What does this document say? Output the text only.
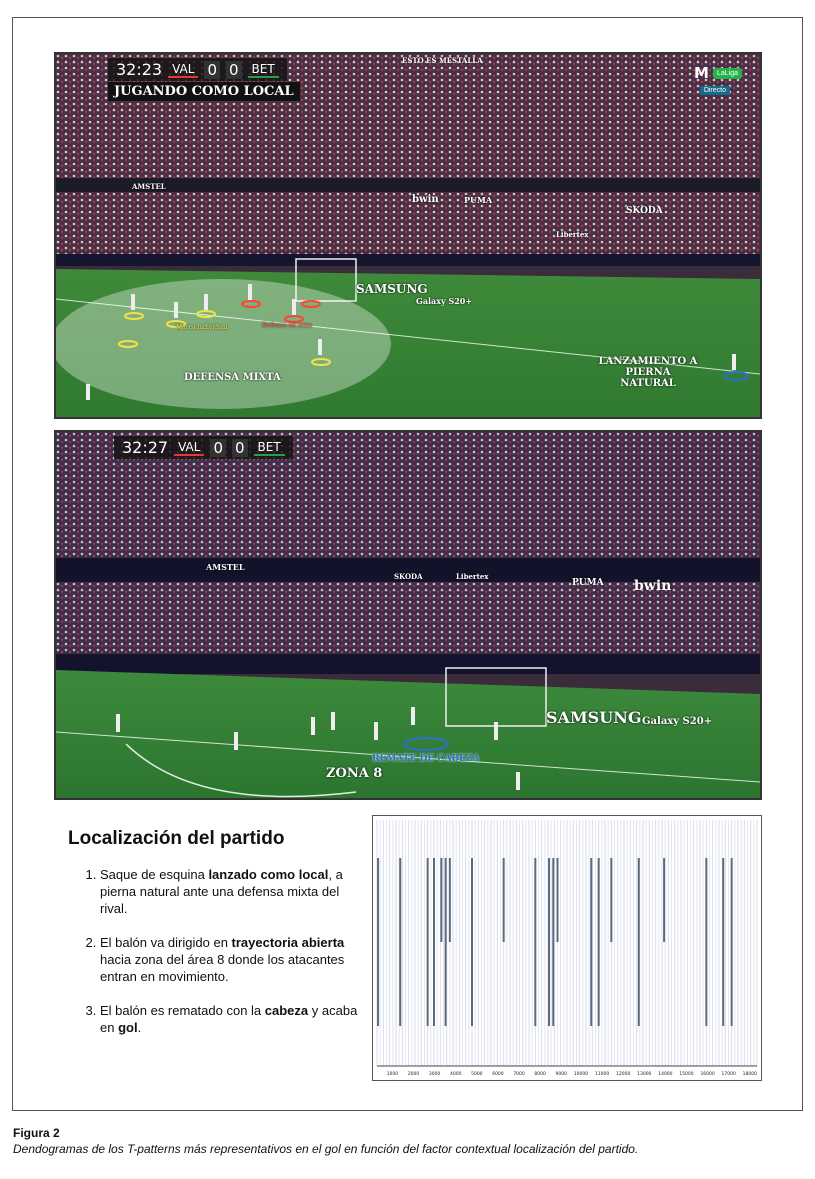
32:23 VAL 0 0	BET
JUGANDO COMO LOCAL
ESTO ES MESTALLA
M	LaLiga
Directo
AMSTEL
bwin	PUMA
SKODA
SAMSUNG
Galaxy S20+
Libertex
Marca individual	Defensa en zona
DEFENSA MIXTA
LANZAMIENTO A PIERNA NATURAL
32:27 VAL 0 0	BET
AMSTEL
SKODA	Libertex
PUMA bwin
SAMSUNG Galaxy S20+
REMATE DE CABEZA
ZONA 8
Localización del partido
1. Saque de esquina lanzado como local, a pierna natural ante una defensa mixta del rival.
2. El balón va dirigido en trayectoria abierta hacia zona del área 8 donde los atacantes entran en movimiento.
3. El balón es rematado con la cabeza y acaba en gol.
1000 2000 3000 4000 5000 6000 7000 8000 9000 10000 11000 12000 13000 14000 15000 16000 17000 18000
Figura 2
Dendogramas de los T-patterns más representativos en el gol en función del factor contextual localización del partido.
